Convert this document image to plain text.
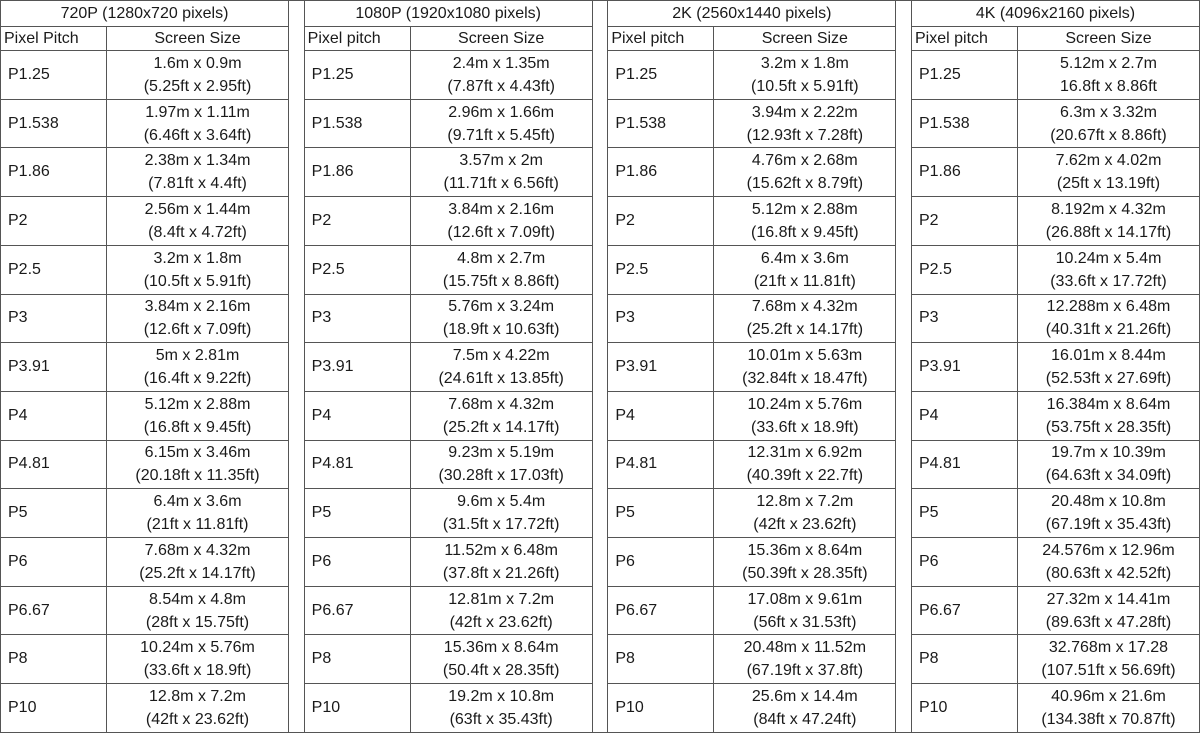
720P (1280x720 pixels)	
Pixel Pitch	Screen Size
P1.25	1.6m x 0.9m
(5.25ft x 2.95ft)

P1.538	1.97m x 1.11m
(6.46ft x 3.64ft)

P1.86	2.38m x 1.34m
(7.81ft x 4.4ft)

P2	2.56m x 1.44m
(8.4ft x 4.72ft)

P2.5	3.2m x 1.8m
(10.5ft x 5.91ft)

P3	3.84m x 2.16m
(12.6ft x 7.09ft)

P3.91	5m x 2.81m
(16.4ft x 9.22ft)

P4	5.12m x 2.88m
(16.8ft x 9.45ft)

P4.81	6.15m x 3.46m
(20.18ft x 11.35ft)

P5	6.4m x 3.6m
(21ft x 11.81ft)

P6	7.68m x 4.32m
(25.2ft x 14.17ft)

P6.67	8.54m x 4.8m
(28ft x 15.75ft)

P8	10.24m x 5.76m
(33.6ft x 18.9ft)

P10	12.8m x 7.2m
(42ft x 23.62ft)
1080P (1920x1080 pixels)	
Pixel pitch	Screen Size
P1.25	2.4m x 1.35m
(7.87ft x 4.43ft)

P1.538	2.96m x 1.66m
(9.71ft x 5.45ft)

P1.86	3.57m x 2m
(11.71ft x 6.56ft)

P2	3.84m x 2.16m
(12.6ft x 7.09ft)

P2.5	4.8m x 2.7m
(15.75ft x 8.86ft)

P3	5.76m x 3.24m
(18.9ft x 10.63ft)

P3.91	7.5m x 4.22m
(24.61ft x 13.85ft)

P4	7.68m x 4.32m
(25.2ft x 14.17ft)

P4.81	9.23m x 5.19m
(30.28ft x 17.03ft)

P5	9.6m x 5.4m
(31.5ft x 17.72ft)

P6	11.52m x 6.48m
(37.8ft x 21.26ft)

P6.67	12.81m x 7.2m
(42ft x 23.62ft)

P8	15.36m x 8.64m
(50.4ft x 28.35ft)

P10	19.2m x 10.8m
(63ft x 35.43ft)
2K (2560x1440 pixels)	
Pixel pitch	Screen Size
P1.25	3.2m x 1.8m
(10.5ft x 5.91ft)

P1.538	3.94m x 2.22m
(12.93ft x 7.28ft)

P1.86	4.76m x 2.68m
(15.62ft x 8.79ft)

P2	5.12m x 2.88m
(16.8ft x 9.45ft)

P2.5	6.4m x 3.6m
(21ft x 11.81ft)

P3	7.68m x 4.32m
(25.2ft x 14.17ft)

P3.91	10.01m x 5.63m
(32.84ft x 18.47ft)

P4	10.24m x 5.76m
(33.6ft x 18.9ft)

P4.81	12.31m x 6.92m
(40.39ft x 22.7ft)

P5	12.8m x 7.2m
(42ft x 23.62ft)

P6	15.36m x 8.64m
(50.39ft x 28.35ft)

P6.67	17.08m x 9.61m
(56ft x 31.53ft)

P8	20.48m x 11.52m
(67.19ft x 37.8ft)

P10	25.6m x 14.4m
(84ft x 47.24ft)
4K (4096x2160 pixels)	
Pixel pitch	Screen Size
P1.25	5.12m x 2.7m
16.8ft x 8.86ft

P1.538	6.3m x 3.32m
(20.67ft x 8.86ft)

P1.86	7.62m x 4.02m
(25ft x 13.19ft)

P2	8.192m x 4.32m
(26.88ft x 14.17ft)

P2.5	10.24m x 5.4m
(33.6ft x 17.72ft)

P3	12.288m x 6.48m
(40.31ft x 21.26ft)

P3.91	16.01m x 8.44m
(52.53ft x 27.69ft)

P4	16.384m x 8.64m
(53.75ft x 28.35ft)

P4.81	19.7m x 10.39m
(64.63ft x 34.09ft)

P5	20.48m x 10.8m
(67.19ft x 35.43ft)

P6	24.576m x 12.96m
(80.63ft x 42.52ft)

P6.67	27.32m x 14.41m
(89.63ft x 47.28ft)

P8	32.768m x 17.28
(107.51ft x 56.69ft)

P10	40.96m x 21.6m
(134.38ft x 70.87ft)
